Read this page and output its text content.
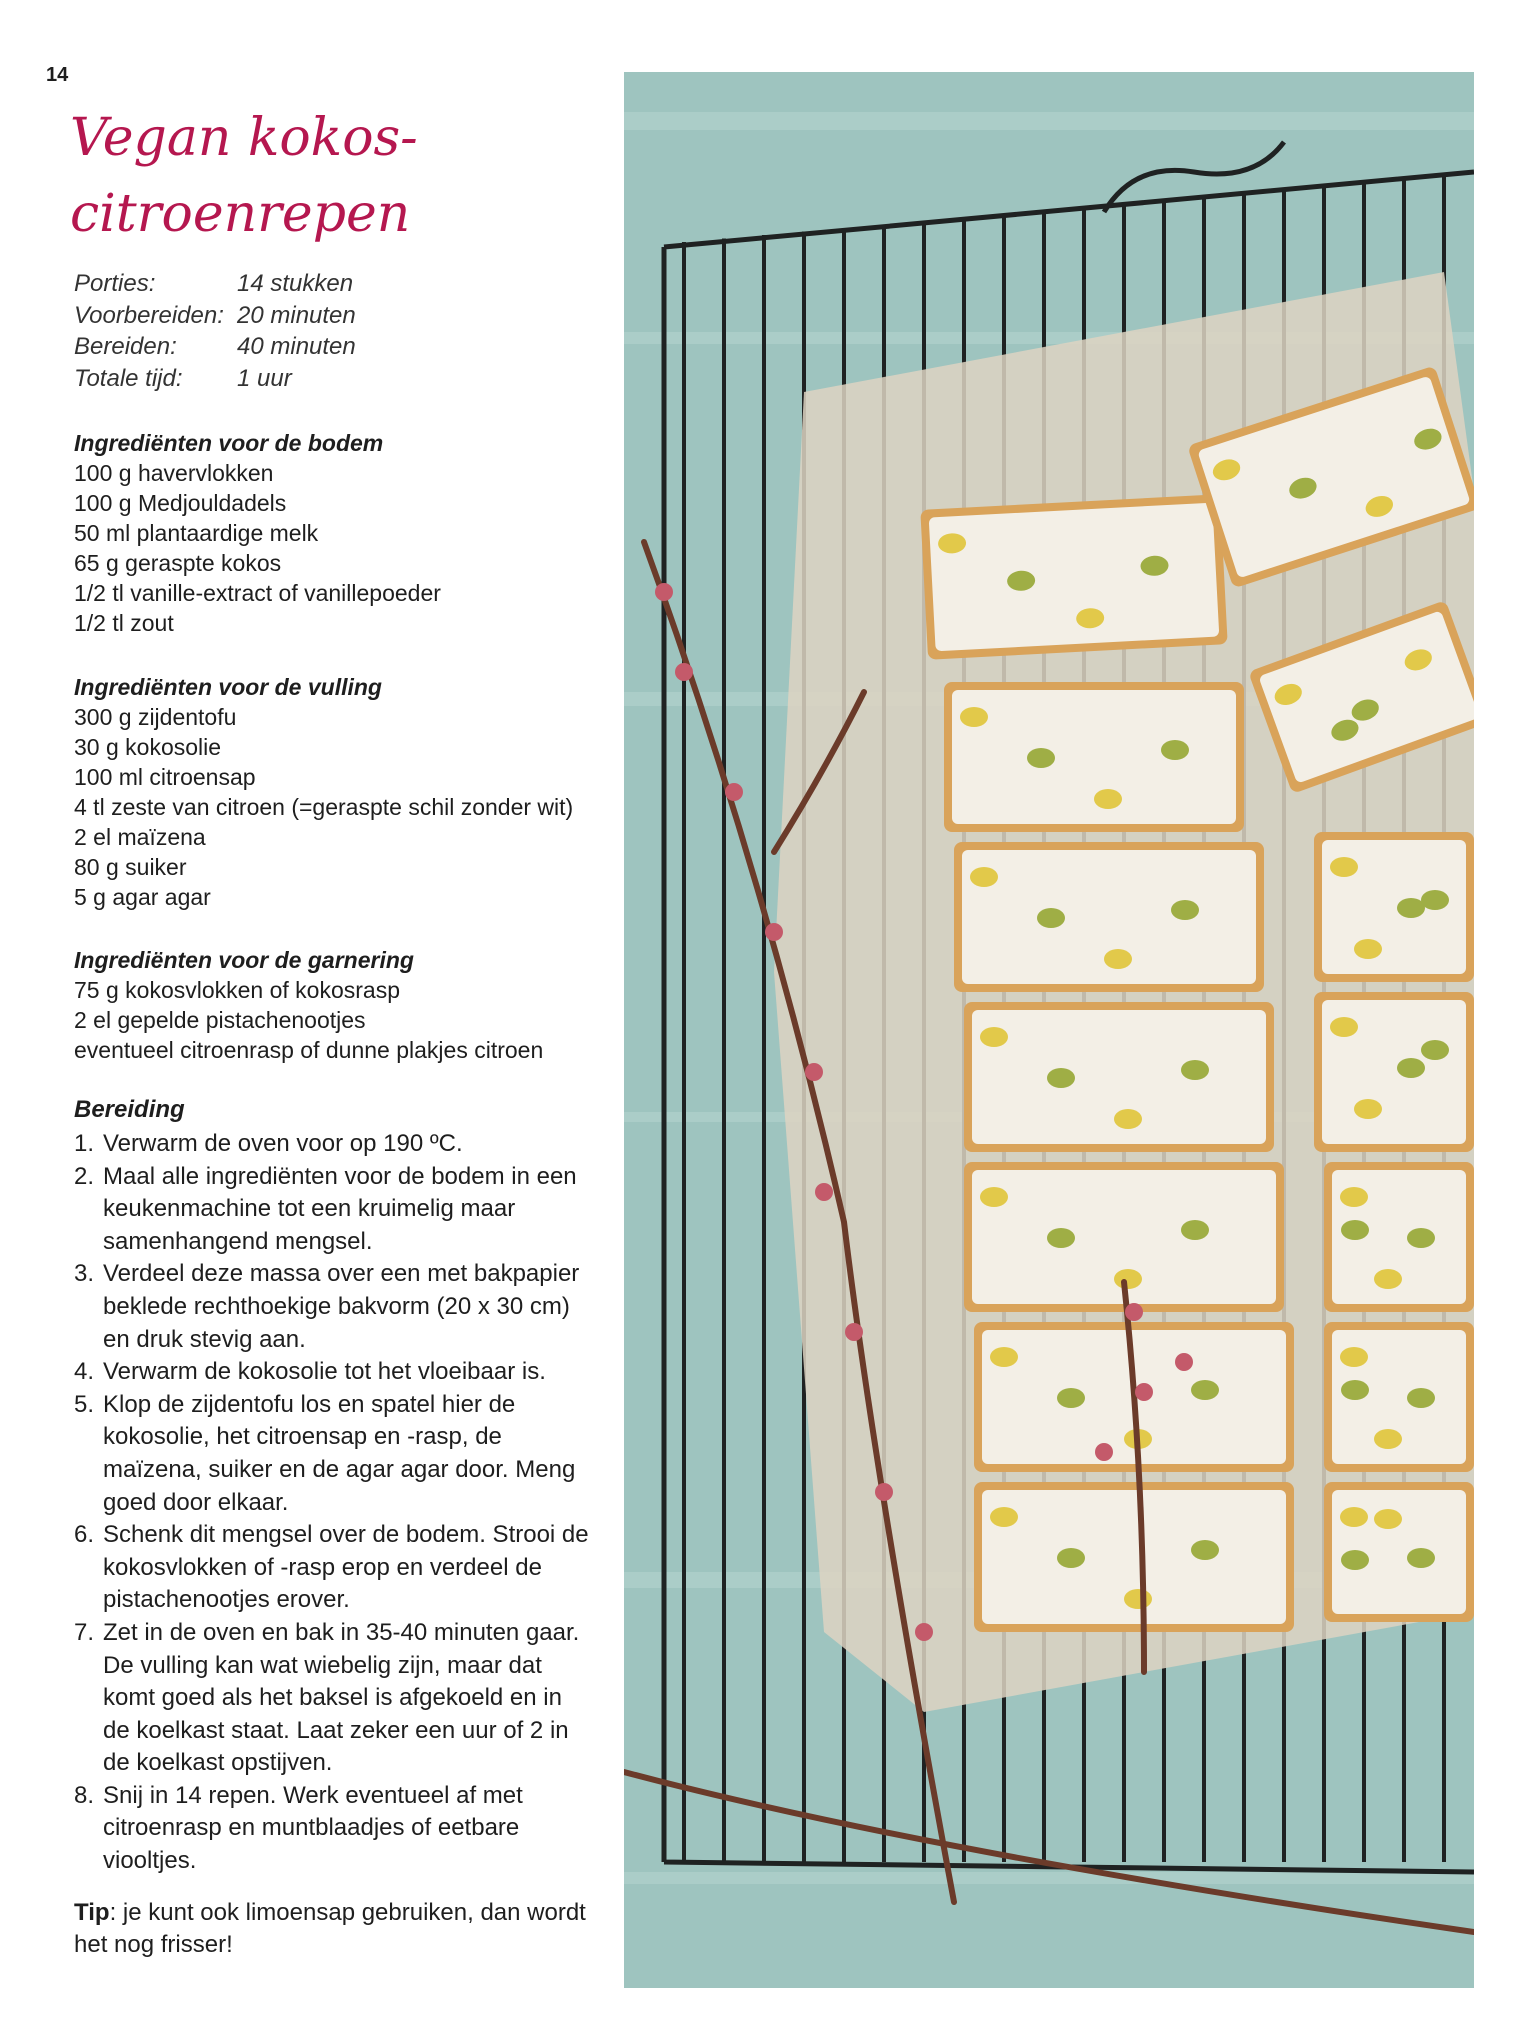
14
Vegan kokos-
citroenrepen
Porties:	14 stukken
Voorbereiden: 20 minuten
Bereiden:	40 minuten
Totale tijd:	1 uur
Ingrediënten voor de bodem
100 g havervlokken
100 g Medjouldadels
50 ml plantaardige melk
65 g geraspte kokos
1/2 tl vanille-extract of vanillepoeder
1/2 tl zout
Ingrediënten voor de vulling
300 g zijdentofu
30 g kokosolie
100 ml citroensap
4 tl zeste van citroen (=geraspte schil zonder wit)
2 el maïzena
80 g suiker
5 g agar agar
Ingrediënten voor de garnering
75 g kokosvlokken of kokosrasp
2 el gepelde pistachenootjes
eventueel citroenrasp of dunne plakjes citroen
Bereiding
1. Verwarm de oven voor op 190 ºC.
2. Maal alle ingrediënten voor de bodem in een keukenmachine tot een kruimelig maar samenhangend mengsel.
3. Verdeel deze massa over een met bakpapier beklede rechthoekige bakvorm (20 x 30 cm) en druk stevig aan.
4. Verwarm de kokosolie tot het vloeibaar is.
5. Klop de zijdentofu los en spatel hier de kokosolie, het citroensap en -rasp, de maïzena, suiker en de agar agar door. Meng goed door elkaar.
6. Schenk dit mengsel over de bodem. Strooi de kokosvlokken of -rasp erop en verdeel de pistachenootjes erover.
7. Zet in de oven en bak in 35-40 minuten gaar. De vulling kan wat wiebelig zijn, maar dat komt goed als het baksel is afgekoeld en in de koelkast staat. Laat zeker een uur of 2 in de koelkast opstijven.
8. Snij in 14 repen. Werk eventueel af met citroenrasp en muntblaadjes of eetbare viooltjes.
Tip: je kunt ook limoensap gebruiken, dan wordt het nog frisser!
